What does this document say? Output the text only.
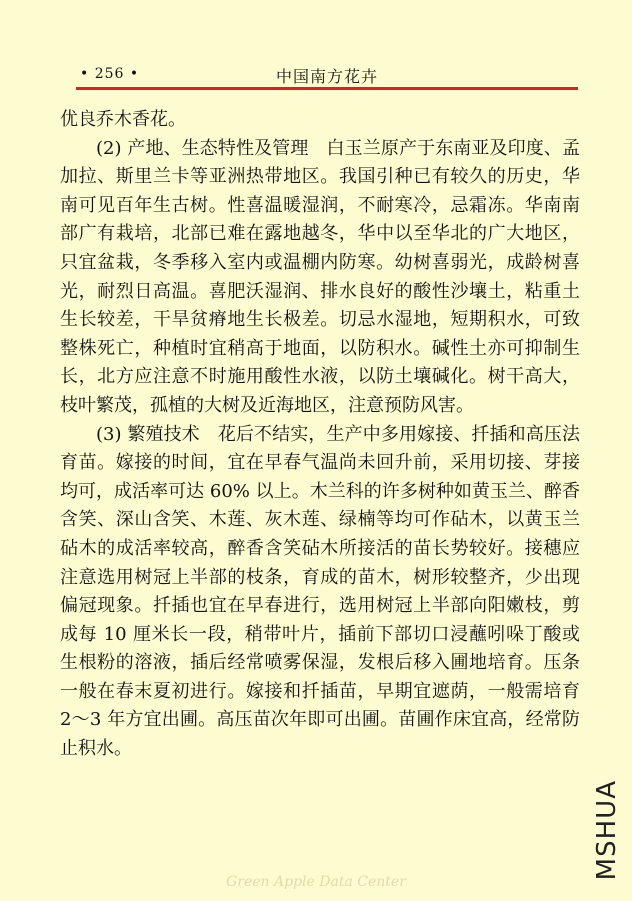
• 256 •	中国南方花卉

优良乔木香花。

(2) 产地、生态特性及管理 白玉兰原产于东南亚及印度、孟加拉、斯里兰卡等亚洲热带地区。我国引种已有较久的历史，华南可见百年生古树。性喜温暖湿润，不耐寒冷，忌霜冻。华南南部广有栽培，北部已难在露地越冬，华中以至华北的广大地区，只宜盆栽，冬季移入室内或温棚内防寒。幼树喜弱光，成龄树喜光，耐烈日高温。喜肥沃湿润、排水良好的酸性沙壤土，粘重土生长较差，干旱贫瘠地生长极差。切忌水湿地，短期积水，可致整株死亡，种植时宜稍高于地面，以防积水。碱性土亦可抑制生长，北方应注意不时施用酸性水液，以防土壤碱化。树干高大，枝叶繁茂，孤植的大树及近海地区，注意预防风害。

(3) 繁殖技术 花后不结实，生产中多用嫁接、扦插和高压法育苗。嫁接的时间，宜在早春气温尚未回升前，采用切接、芽接均可，成活率可达 60% 以上。木兰科的许多树种如黄玉兰、醉香含笑、深山含笑、木莲、灰木莲、绿楠等均可作砧木，以黄玉兰砧木的成活率较高，醉香含笑砧木所接活的苗长势较好。接穗应注意选用树冠上半部的枝条，育成的苗木，树形较整齐，少出现偏冠现象。扦插也宜在早春进行，选用树冠上半部向阳嫩枝，剪成每 10 厘米长一段，稍带叶片，插前下部切口浸蘸吲哚丁酸或生根粉的溶液，插后经常喷雾保湿，发根后移入圃地培育。压条一般在春末夏初进行。嫁接和扦插苗，早期宜遮荫，一般需培育 2～3 年方宜出圃。高压苗次年即可出圃。苗圃作床宜高，经常防止积水。

MSHUA
Green Apple Data Center
